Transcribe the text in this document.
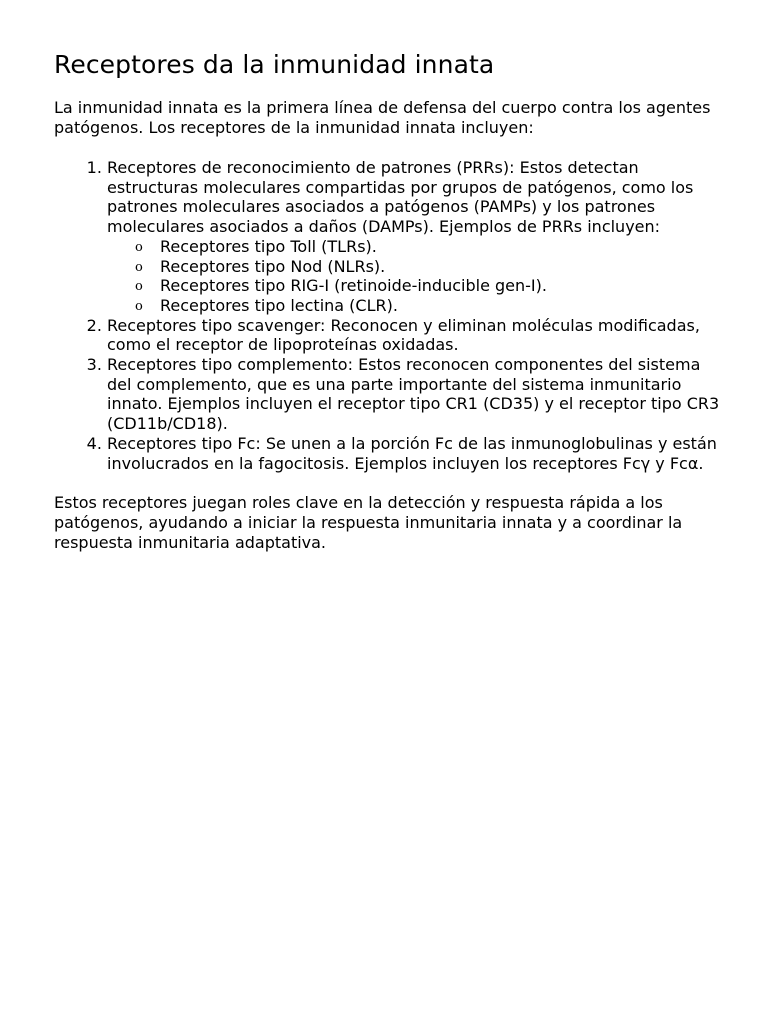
Receptores da la inmunidad innata

La inmunidad innata es la primera línea de defensa del cuerpo contra los agentes patógenos. Los receptores de la inmunidad innata incluyen:

1. Receptores de reconocimiento de patrones (PRRs): Estos detectan estructuras moleculares compartidas por grupos de patógenos, como los patrones moleculares asociados a patógenos (PAMPs) y los patrones moleculares asociados a daños (DAMPs). Ejemplos de PRRs incluyen:
o Receptores tipo Toll (TLRs).
o Receptores tipo Nod (NLRs).
o Receptores tipo RIG-I (retinoide-inducible gen-I).
o Receptores tipo lectina (CLR).
2. Receptores tipo scavenger: Reconocen y eliminan moléculas modificadas, como el receptor de lipoproteínas oxidadas.
3. Receptores tipo complemento: Estos reconocen componentes del sistema del complemento, que es una parte importante del sistema inmunitario innato. Ejemplos incluyen el receptor tipo CR1 (CD35) y el receptor tipo CR3 (CD11b/CD18).
4. Receptores tipo Fc: Se unen a la porción Fc de las inmunoglobulinas y están involucrados en la fagocitosis. Ejemplos incluyen los receptores Fcγ y Fcα.

Estos receptores juegan roles clave en la detección y respuesta rápida a los patógenos, ayudando a iniciar la respuesta inmunitaria innata y a coordinar la respuesta inmunitaria adaptativa.
